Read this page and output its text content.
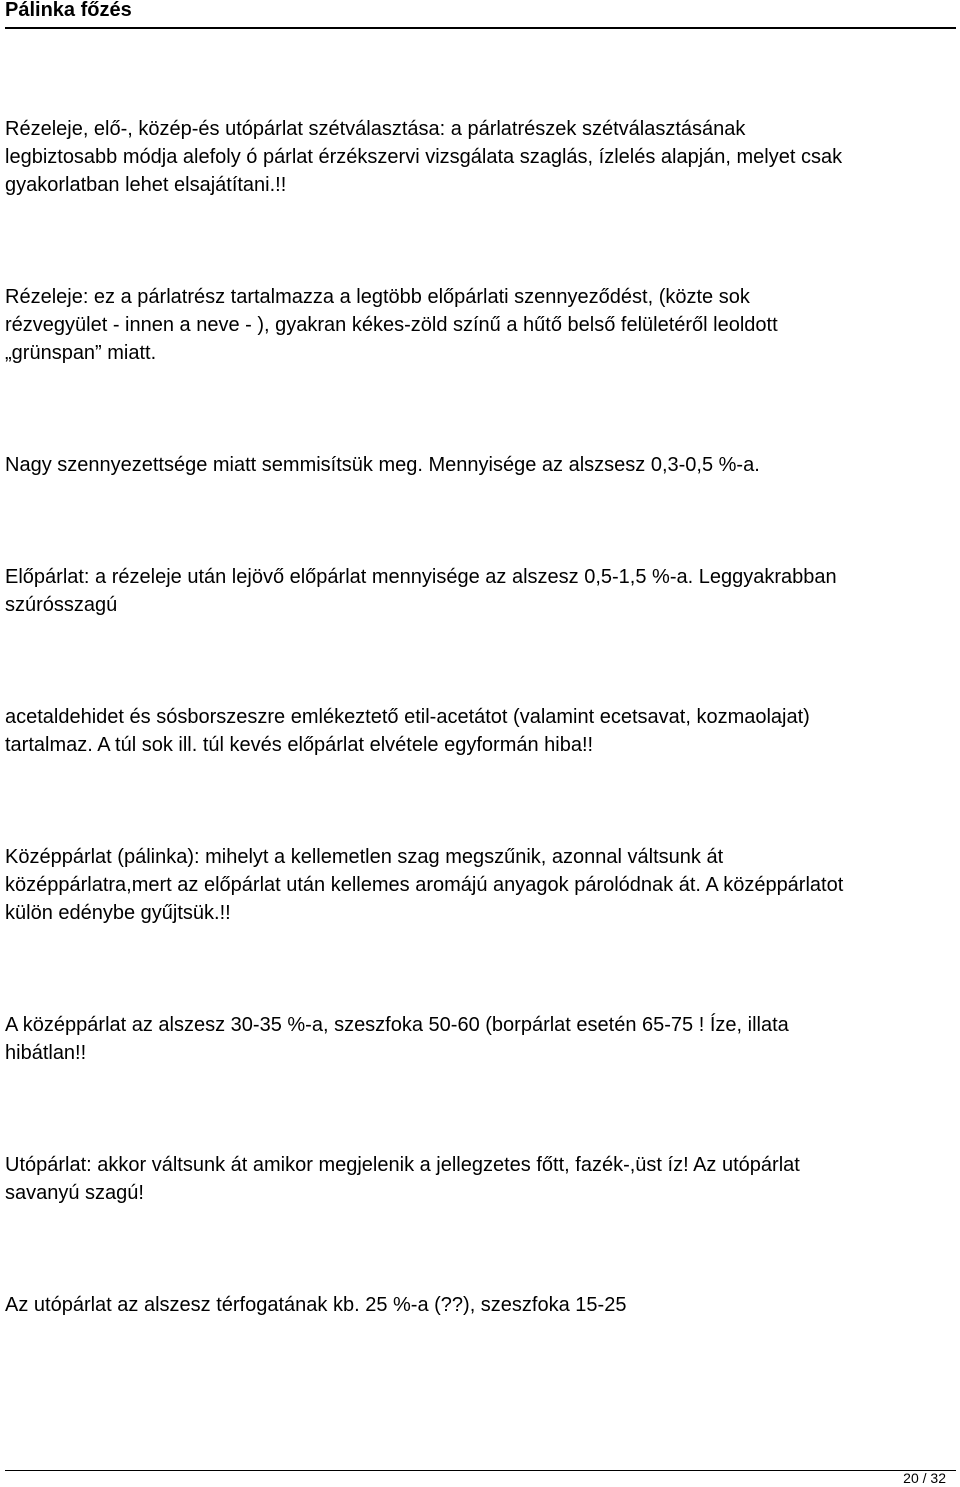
Pálinka főzés

Rézeleje, elő-, közép-és utópárlat szétválasztása: a párlatrészek szétválasztásának
legbiztosabb módja alefoly ó párlat érzékszervi vizsgálata szaglás, ízlelés alapján, melyet csak
gyakorlatban lehet elsajátítani.!!

Rézeleje: ez a párlatrész tartalmazza a legtöbb előpárlati szennyeződést, (közte sok
rézvegyület - innen a neve - ), gyakran kékes-zöld színű a hűtő belső felületéről leoldott
„grünspan” miatt.

Nagy szennyezettsége miatt semmisítsük meg. Mennyisége az alszsesz 0,3-0,5 %-a.

Előpárlat: a rézeleje után lejövő előpárlat mennyisége az alszesz 0,5-1,5 %-a. Leggyakrabban
szúrósszagú

acetaldehidet és sósborszeszre emlékeztető etil-acetátot (valamint ecetsavat, kozmaolajat)
tartalmaz. A túl sok ill. túl kevés előpárlat elvétele egyformán hiba!!

Középpárlat (pálinka): mihelyt a kellemetlen szag megszűnik, azonnal váltsunk át
középpárlatra,mert az előpárlat után kellemes aromájú anyagok párolódnak át. A középpárlatot
külön edénybe gyűjtsük.!!

A középpárlat az alszesz 30-35 %-a, szeszfoka 50-60 (borpárlat esetén 65-75 ! Íze, illata
hibátlan!!

Utópárlat: akkor váltsunk át amikor megjelenik a jellegzetes főtt, fazék-,üst íz! Az utópárlat
savanyú szagú!

Az utópárlat az alszesz térfogatának kb. 25 %-a (??), szeszfoka 15-25

20 / 32
